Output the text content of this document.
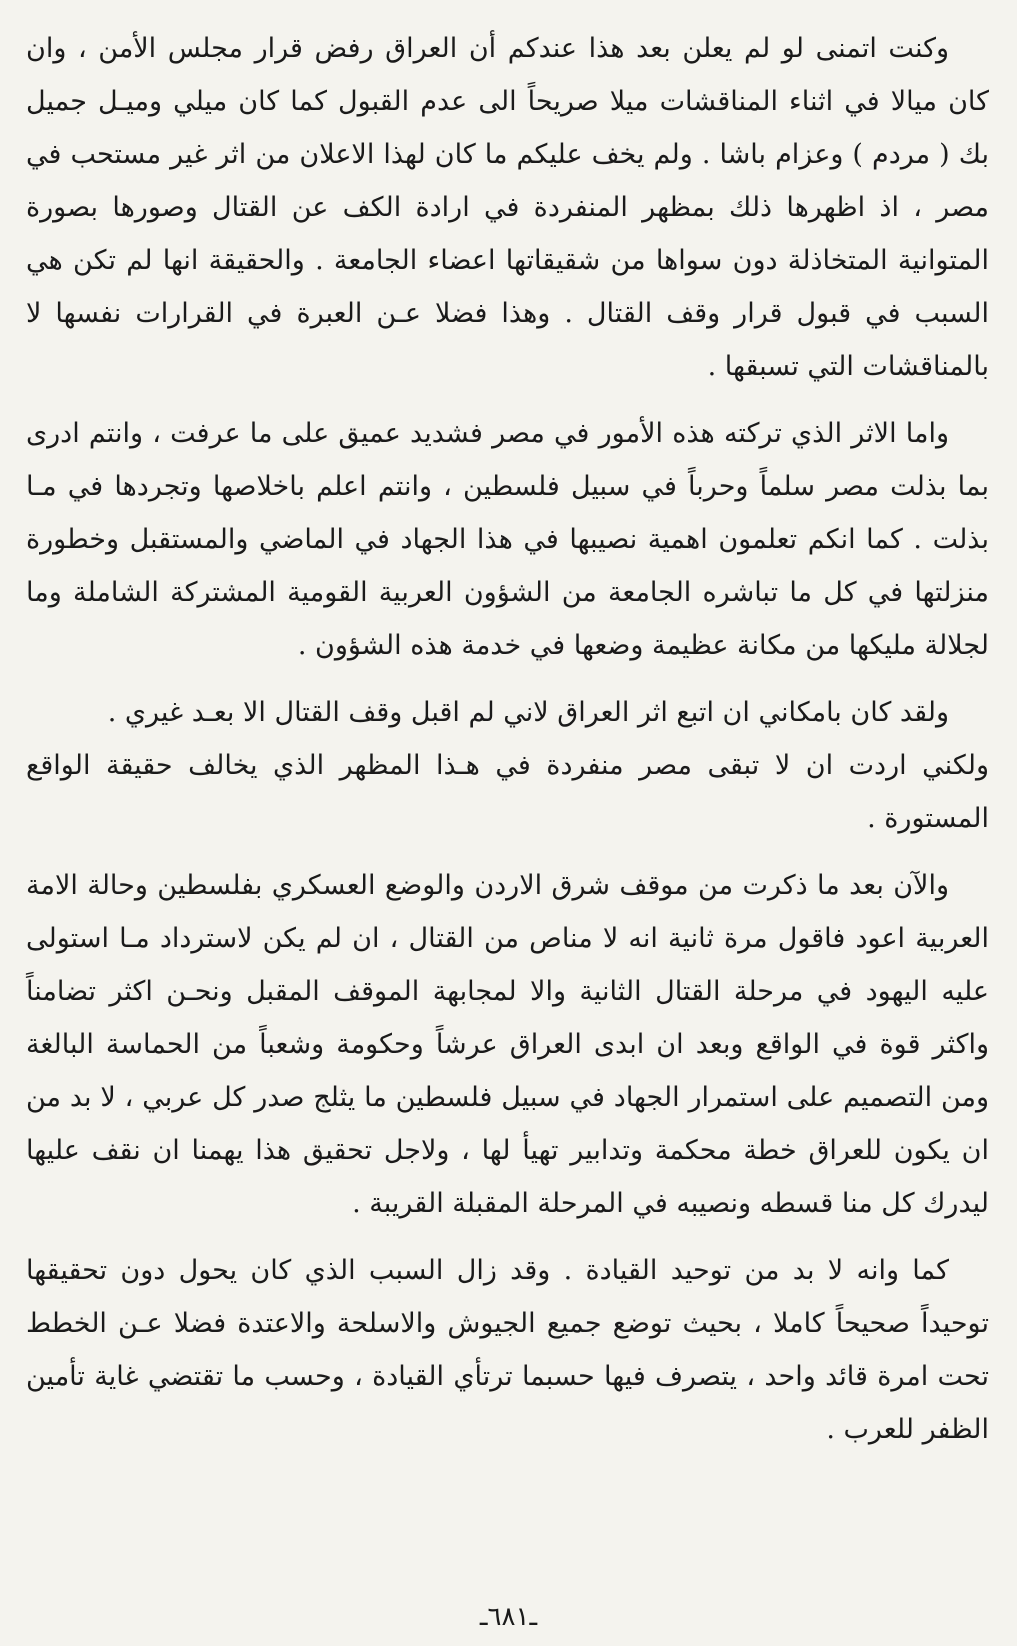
وكنت اتمنى لو لم يعلن بعد هذا عندكم أن العراق رفض قرار مجلس الأمن ، وان كان ميالا في اثناء المناقشات ميلا صريحاً الى عدم القبول كما كان ميلي وميـل جميل بك ( مردم ) وعزام باشا . ولم يخف عليكم ما كان لهذا الاعلان من اثر غير مستحب في مصر ، اذ اظهرها ذلك بمظهر المنفردة في ارادة الكف عن القتال وصورها بصورة المتوانية المتخاذلة دون سواها من شقيقاتها اعضاء الجامعة . والحقيقة انها لم تكن هي السبب في قبول قرار وقف القتال . وهذا فضلا عـن العبرة في القرارات نفسها لا بالمناقشات التي تسبقها .

واما الاثر الذي تركته هذه الأمور في مصر فشديد عميق على ما عرفت ، وانتم ادرى بما بذلت مصر سلماً وحرباً في سبيل فلسطين ، وانتم اعلم باخلاصها وتجردها في مـا بذلت . كما انكم تعلمون اهمية نصيبها في هذا الجهاد في الماضي والمستقبل وخطورة منزلتها في كل ما تباشره الجامعة من الشؤون العربية القومية المشتركة الشاملة وما لجلالة مليكها من مكانة عظيمة وضعها في خدمة هذه الشؤون .

ولقد كان بامكاني ان اتبع اثر العراق لاني لم اقبل وقف القتال الا بعـد غيري .

ولكني اردت ان لا تبقى مصر منفردة في هـذا المظهر الذي يخالف حقيقة الواقع المستورة .

والآن بعد ما ذكرت من موقف شرق الاردن والوضع العسكري بفلسطين وحالة الامة العربية اعود فاقول مرة ثانية انه لا مناص من القتال ، ان لم يكن لاسترداد مـا استولى عليه اليهود في مرحلة القتال الثانية والا لمجابهة الموقف المقبل ونحـن اكثر تضامناً واكثر قوة في الواقع وبعد ان ابدى العراق عرشاً وحكومة وشعباً من الحماسة البالغة ومن التصميم على استمرار الجهاد في سبيل فلسطين ما يثلج صدر كل عربي ، لا بد من ان يكون للعراق خطة محكمة وتدابير تهيأ لها ، ولاجل تحقيق هذا يهمنا ان نقف عليها ليدرك كل منا قسطه ونصيبه في المرحلة المقبلة القريبة .

كما وانه لا بد من توحيد القيادة . وقد زال السبب الذي كان يحول دون تحقيقها توحيداً صحيحاً كاملا ، بحيث توضع جميع الجيوش والاسلحة والاعتدة فضلا عـن الخطط تحت امرة قائد واحد ، يتصرف فيها حسبما ترتأي القيادة ، وحسب ما تقتضي غاية تأمين الظفر للعرب .

ـ٦٨١ـ
